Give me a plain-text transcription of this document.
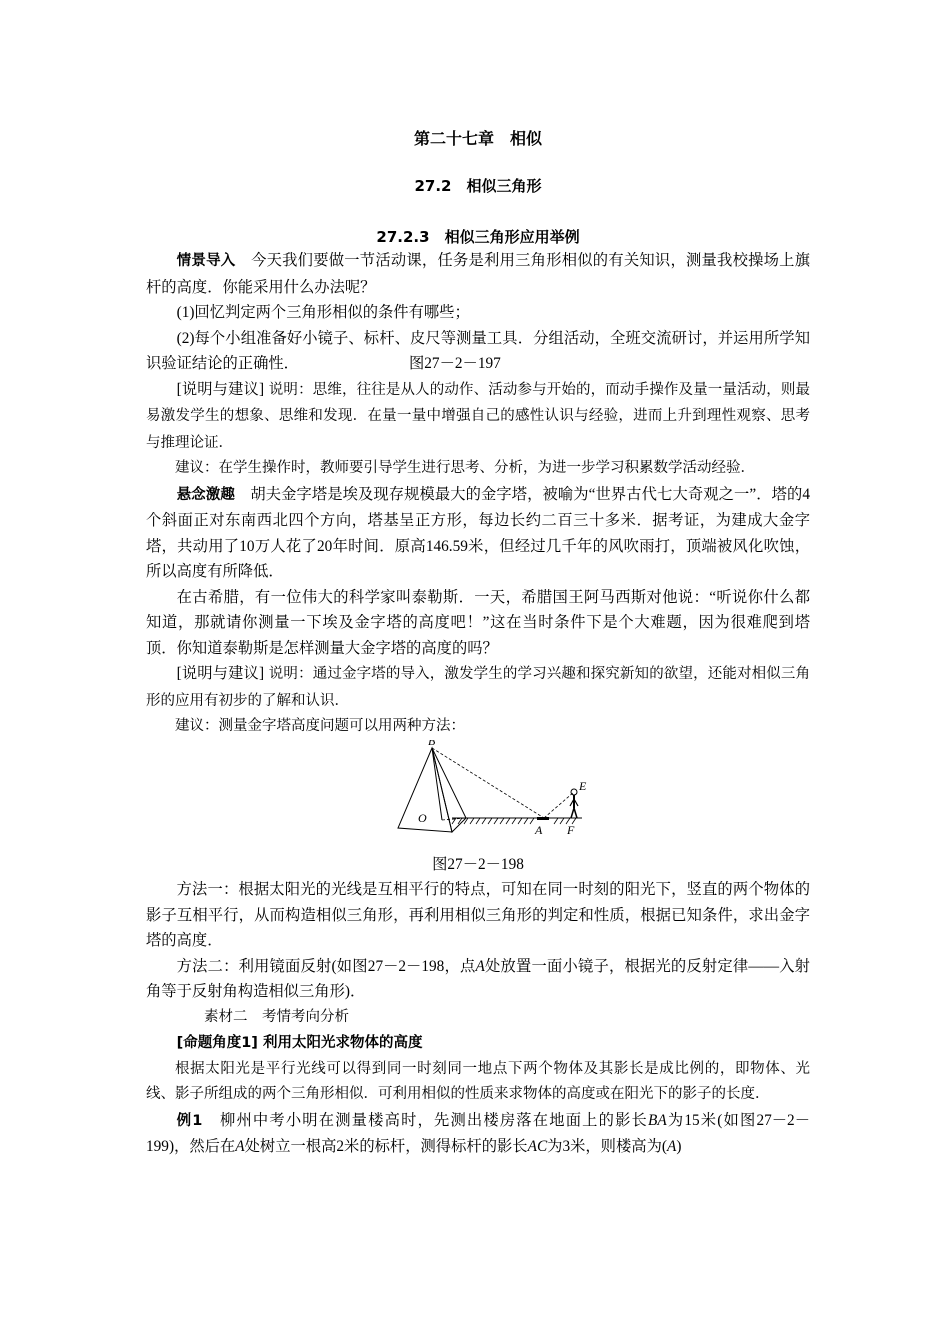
第二十七章　相似
27.2　相似三角形
27.2.3　相似三角形应用举例

情景导入　今天我们要做一节活动课，任务是利用三角形相似的有关知识，测量我校操场上旗杆的高度．你能采用什么办法呢？

(1)回忆判定两个三角形相似的条件有哪些；

(2)每个小组准备好小镜子、标杆、皮尺等测量工具．分组活动，全班交流研讨，并运用所学知识验证结论的正确性．	图27－2－197

[说明与建议] 说明：思维，往往是从人的动作、活动参与开始的，而动手操作及量一量活动，则最易激发学生的想象、思维和发现．在量一量中增强自己的感性认识与经验，进而上升到理性观察、思考与推理论证．

建议：在学生操作时，教师要引导学生进行思考、分析，为进一步学习积累数学活动经验．

悬念激趣　胡夫金字塔是埃及现存规模最大的金字塔，被喻为“世界古代七大奇观之一”．塔的4个斜面正对东南西北四个方向，塔基呈正方形，每边长约二百三十多米．据考证，为建成大金字塔，共动用了10万人花了20年时间．原高146.59米，但经过几千年的风吹雨打，顶端被风化吹蚀，所以高度有所降低．

在古希腊，有一位伟大的科学家叫泰勒斯．一天，希腊国王阿马西斯对他说：“听说你什么都知道，那就请你测量一下埃及金字塔的高度吧！”这在当时条件下是个大难题，因为很难爬到塔顶．你知道泰勒斯是怎样测量大金字塔的高度的吗？

[说明与建议] 说明：通过金字塔的导入，激发学生的学习兴趣和探究新知的欲望，还能对相似三角形的应用有初步的了解和认识．

建议：测量金字塔高度问题可以用两种方法：

B
O
A
E
F

图27－2－198

方法一：根据太阳光的光线是互相平行的特点，可知在同一时刻的阳光下，竖直的两个物体的影子互相平行，从而构造相似三角形，再利用相似三角形的判定和性质，根据已知条件，求出金字塔的高度．

方法二：利用镜面反射(如图27－2－198，点A处放置一面小镜子，根据光的反射定律——入射角等于反射角构造相似三角形)．

素材二　考情考向分析

[命题角度1] 利用太阳光求物体的高度

根据太阳光是平行光线可以得到同一时刻同一地点下两个物体及其影长是成比例的，即物体、光线、影子所组成的两个三角形相似．可利用相似的性质来求物体的高度或在阳光下的影子的长度．

例1　柳州中考小明在测量楼高时，先测出楼房落在地面上的影长BA为15米(如图27－2－199)，然后在A处树立一根高2米的标杆，测得标杆的影长AC为3米，则楼高为(A)
